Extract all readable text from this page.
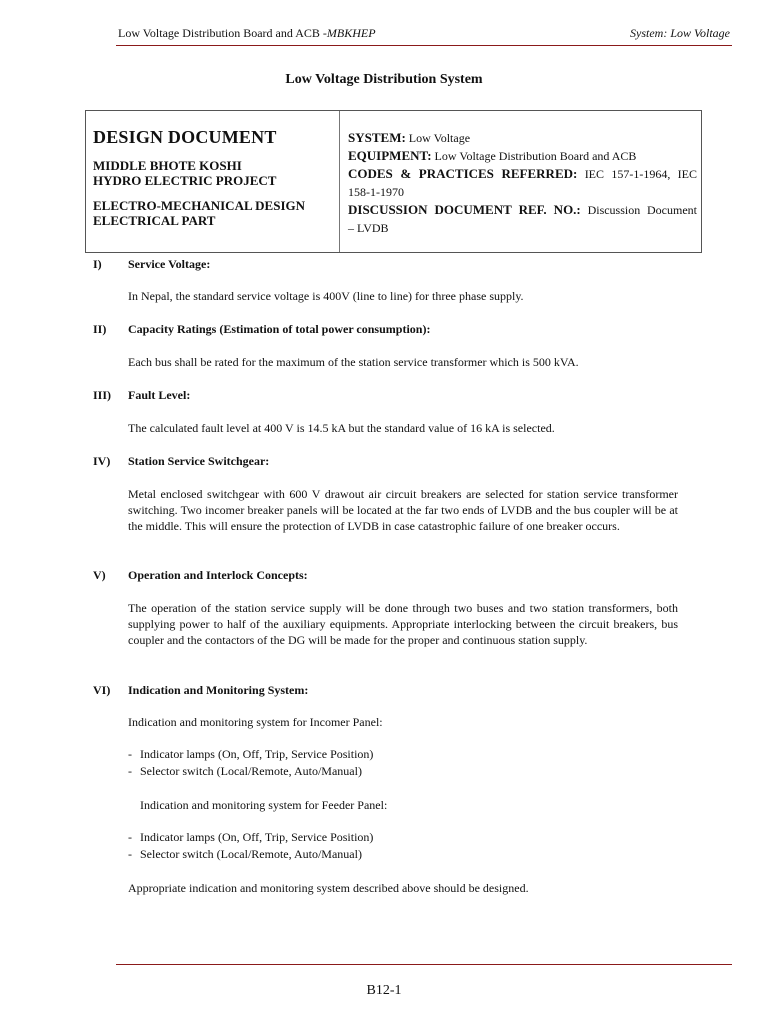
Low Voltage Distribution Board and ACB -MBKHEP	System: Low Voltage
Low Voltage Distribution System
DESIGN DOCUMENT
MIDDLE BHOTE KOSHI
HYDRO ELECTRIC PROJECT
ELECTRO-MECHANICAL DESIGN
ELECTRICAL PART
SYSTEM: Low Voltage
EQUIPMENT: Low Voltage Distribution Board and ACB
CODES & PRACTICES REFERRED: IEC 157-1-1964, IEC
158-1-1970
DISCUSSION DOCUMENT REF. NO.: Discussion Document
– LVDB
I) Service Voltage:
In Nepal, the standard service voltage is 400V (line to line) for three phase supply.
II) Capacity Ratings (Estimation of total power consumption):
Each bus shall be rated for the maximum of the station service transformer which is 500 kVA.
III) Fault Level:
The calculated fault level at 400 V is 14.5 kA but the standard value of 16 kA is selected.
IV) Station Service Switchgear:
Metal enclosed switchgear with 600 V drawout air circuit breakers are selected for station service transformer switching. Two incomer breaker panels will be located at the far two ends of LVDB and the bus coupler will be at the middle. This will ensure the protection of LVDB in case catastrophic failure of one breaker occurs.
V) Operation and Interlock Concepts:
The operation of the station service supply will be done through two buses and two station transformers, both supplying power to half of the auxiliary equipments. Appropriate interlocking between the circuit breakers, bus coupler and the contactors of the DG will be made for the proper and continuous station supply.
VI) Indication and Monitoring System:
Indication and monitoring system for Incomer Panel:
- Indicator lamps (On, Off, Trip, Service Position)
- Selector switch (Local/Remote, Auto/Manual)
Indication and monitoring system for Feeder Panel:
- Indicator lamps (On, Off, Trip, Service Position)
- Selector switch (Local/Remote, Auto/Manual)
Appropriate indication and monitoring system described above should be designed.
B12-1
